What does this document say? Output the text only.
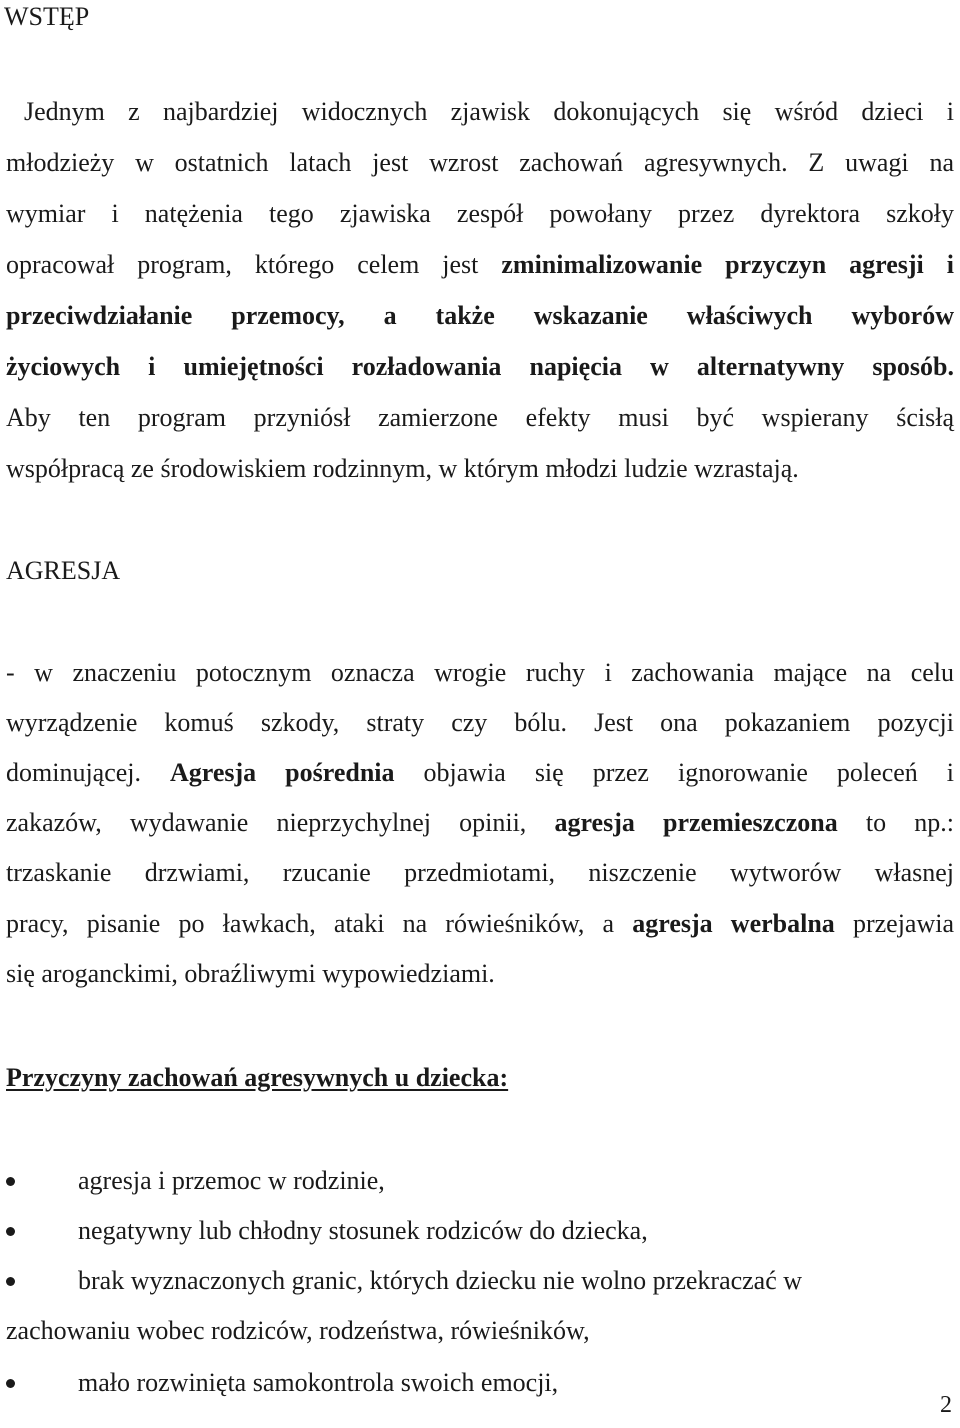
WSTĘP
Jednym z najbardziej widocznych zjawisk dokonujących się wśród dzieci i
młodzieży w ostatnich latach jest wzrost zachowań agresywnych. Z uwagi na
wymiar i natężenia tego zjawiska zespół powołany przez dyrektora szkoły
opracował program, którego celem jest zminimalizowanie przyczyn agresji i
przeciwdziałanie przemocy, a także wskazanie właściwych wyborów
życiowych i umiejętności rozładowania napięcia w alternatywny sposób.
Aby ten program przyniósł zamierzone efekty musi być wspierany ścisłą
współpracą ze środowiskiem rodzinnym, w którym młodzi ludzie wzrastają.
AGRESJA
- w znaczeniu potocznym oznacza wrogie ruchy i zachowania mające na celu
wyrządzenie komuś szkody, straty czy bólu. Jest ona pokazaniem pozycji
dominującej. Agresja pośrednia objawia się przez ignorowanie poleceń i
zakazów, wydawanie nieprzychylnej opinii, agresja przemieszczona to np.:
trzaskanie drzwiami, rzucanie przedmiotami, niszczenie wytworów własnej
pracy, pisanie po ławkach, ataki na rówieśników, a agresja werbalna przejawia
się aroganckimi, obraźliwymi wypowiedziami.
Przyczyny zachowań agresywnych u dziecka:
agresja i przemoc w rodzinie,
negatywny lub chłodny stosunek rodziców do dziecka,
brak wyznaczonych granic, których dziecku nie wolno przekraczać w
zachowaniu wobec rodziców, rodzeństwa, rówieśników,
mało rozwinięta samokontrola swoich emocji,
2
